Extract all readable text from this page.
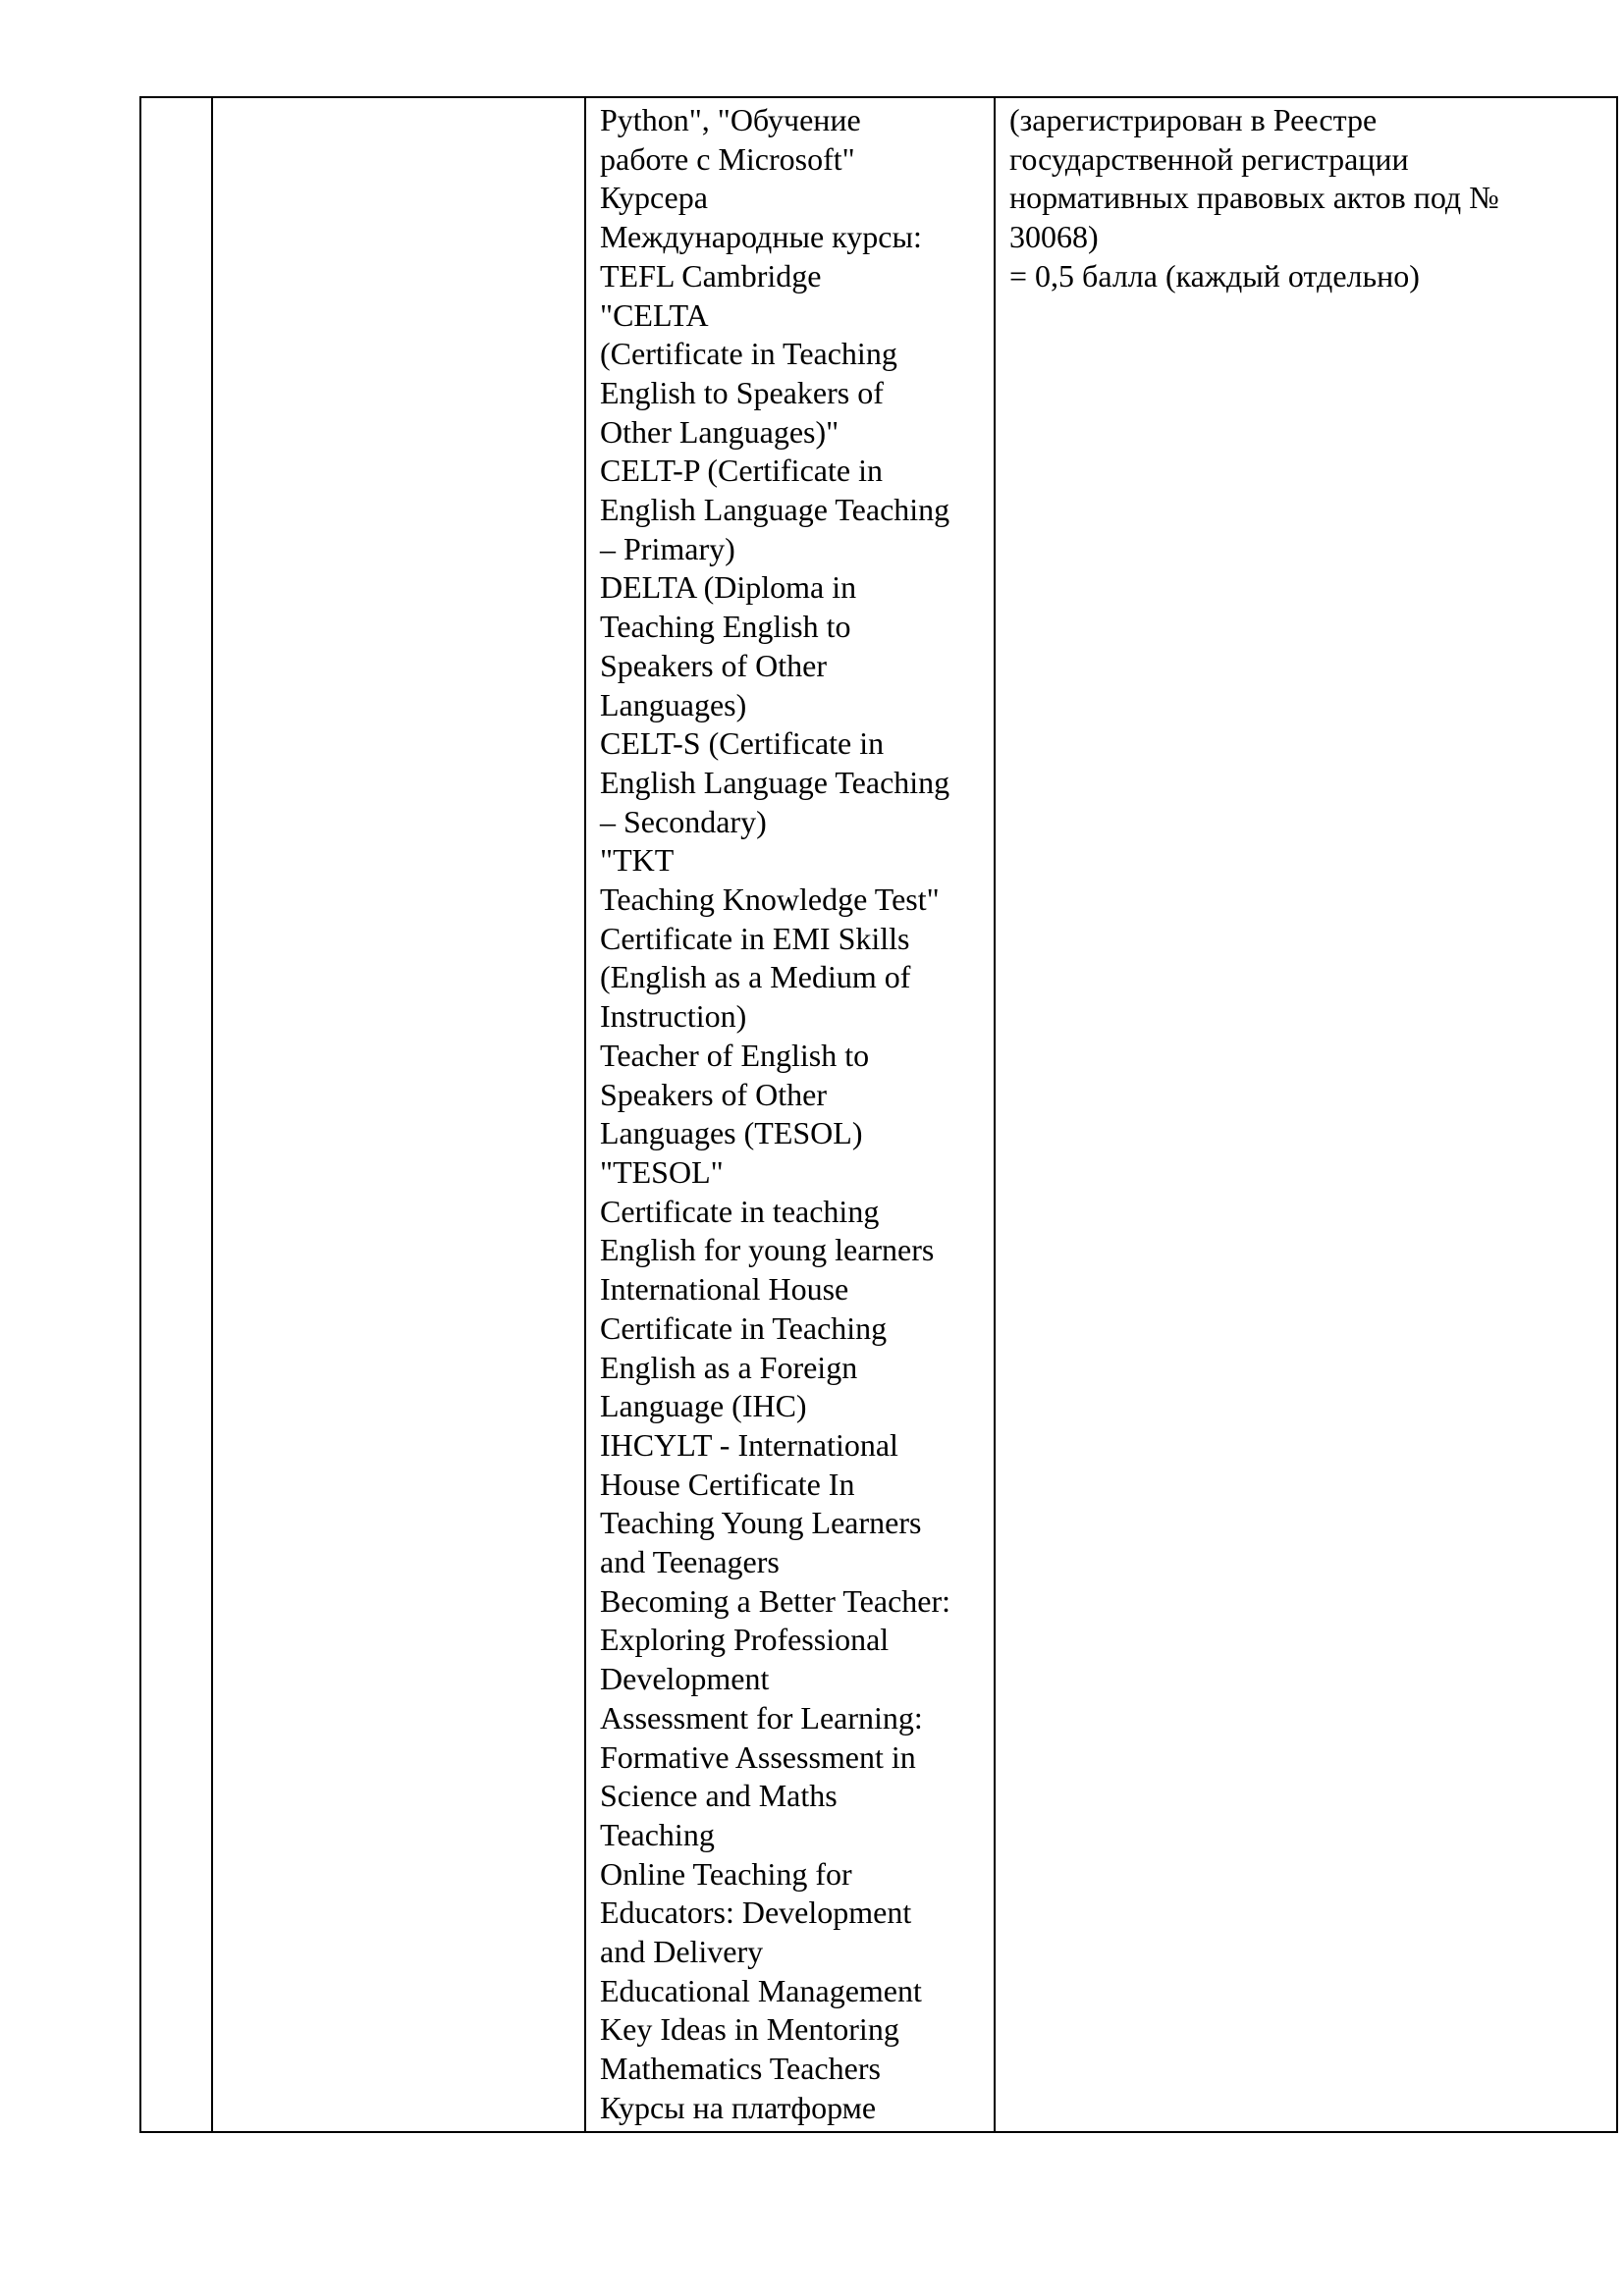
Python", "Обучение
работе с Microsoft"
Курсера
Международные курсы:
TEFL Cambridge
"CELTA
(Certificate in Teaching
English to Speakers of
Other Languages)"
CELT-P (Certificate in
English Language Teaching
– Primary)
DELTA (Diploma in
Teaching English to
Speakers of Other
Languages)
CELT-S (Certificate in
English Language Teaching
– Secondary)
"TKT
Teaching Knowledge Test"
Certificate in EMI Skills
(English as a Medium of
Instruction)
Teacher of English to
Speakers of Other
Languages (TESOL)
"TESOL"
Certificate in teaching
English for young learners
International House
Certificate in Teaching
English as a Foreign
Language (IHC)
IHCYLT - International
House Certificate In
Teaching Young Learners
and Teenagers
Becoming a Better Teacher:
Exploring Professional
Development
Assessment for Learning:
Formative Assessment in
Science and Maths
Teaching
Online Teaching for
Educators: Development
and Delivery
Educational Management
Key Ideas in Mentoring
Mathematics Teachers
Курсы на платформе

(зарегистрирован в Реестре
государственной регистрации
нормативных правовых актов под №
30068)
= 0,5 балла (каждый отдельно)
